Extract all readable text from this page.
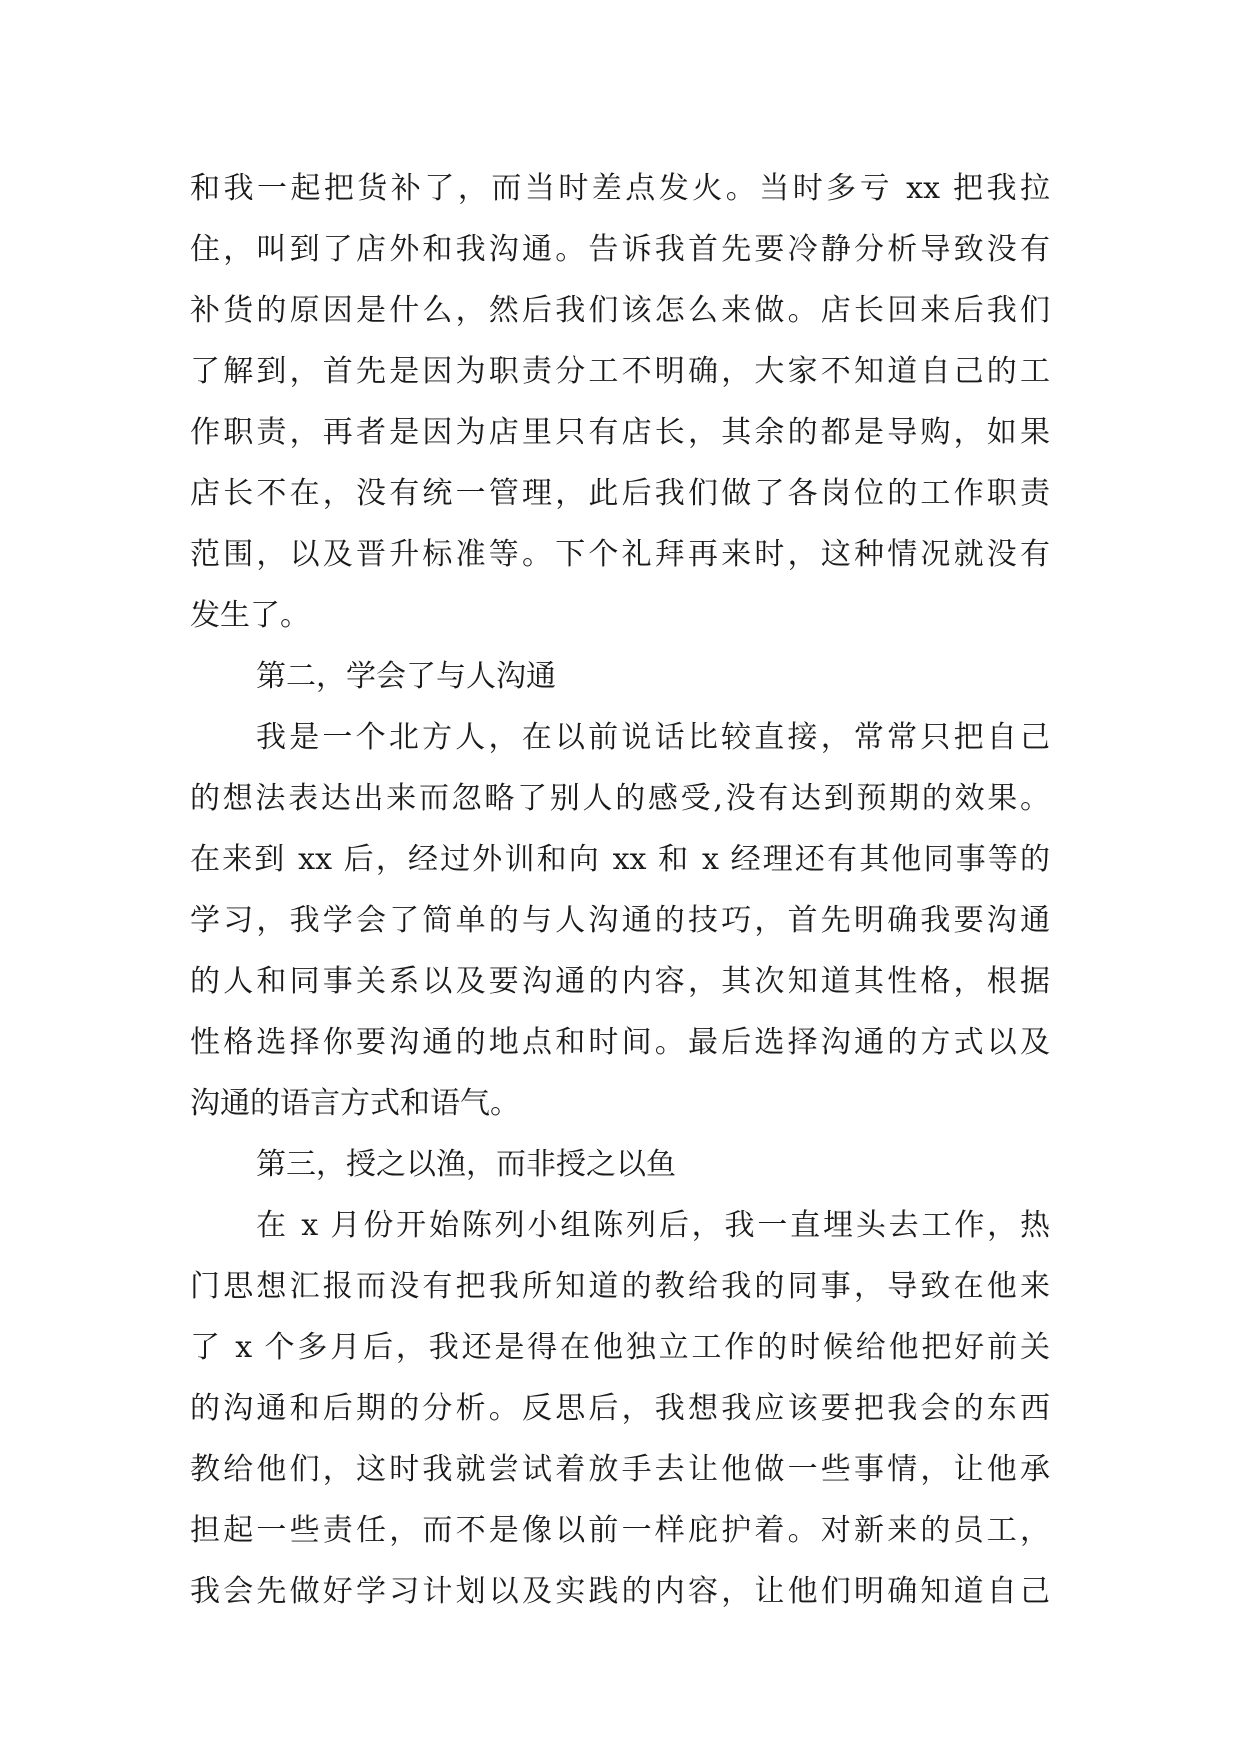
和我一起把货补了，而当时差点发火。当时多亏 xx 把我拉
住，叫到了店外和我沟通。告诉我首先要冷静分析导致没有
补货的原因是什么，然后我们该怎么来做。店长回来后我们
了解到，首先是因为职责分工不明确，大家不知道自己的工
作职责，再者是因为店里只有店长，其余的都是导购，如果
店长不在，没有统一管理，此后我们做了各岗位的工作职责
范围，以及晋升标准等。下个礼拜再来时，这种情况就没有
发生了。
第二，学会了与人沟通
我是一个北方人，在以前说话比较直接，常常只把自己
的想法表达出来而忽略了别人的感受,没有达到预期的效果。
在来到 xx 后，经过外训和向 xx 和 x 经理还有其他同事等的
学习，我学会了简单的与人沟通的技巧，首先明确我要沟通
的人和同事关系以及要沟通的内容，其次知道其性格，根据
性格选择你要沟通的地点和时间。最后选择沟通的方式以及
沟通的语言方式和语气。
第三，授之以渔，而非授之以鱼
在 x 月份开始陈列小组陈列后，我一直埋头去工作，热
门思想汇报而没有把我所知道的教给我的同事，导致在他来
了 x 个多月后，我还是得在他独立工作的时候给他把好前关
的沟通和后期的分析。反思后，我想我应该要把我会的东西
教给他们，这时我就尝试着放手去让他做一些事情，让他承
担起一些责任，而不是像以前一样庇护着。对新来的员工，
我会先做好学习计划以及实践的内容，让他们明确知道自己
